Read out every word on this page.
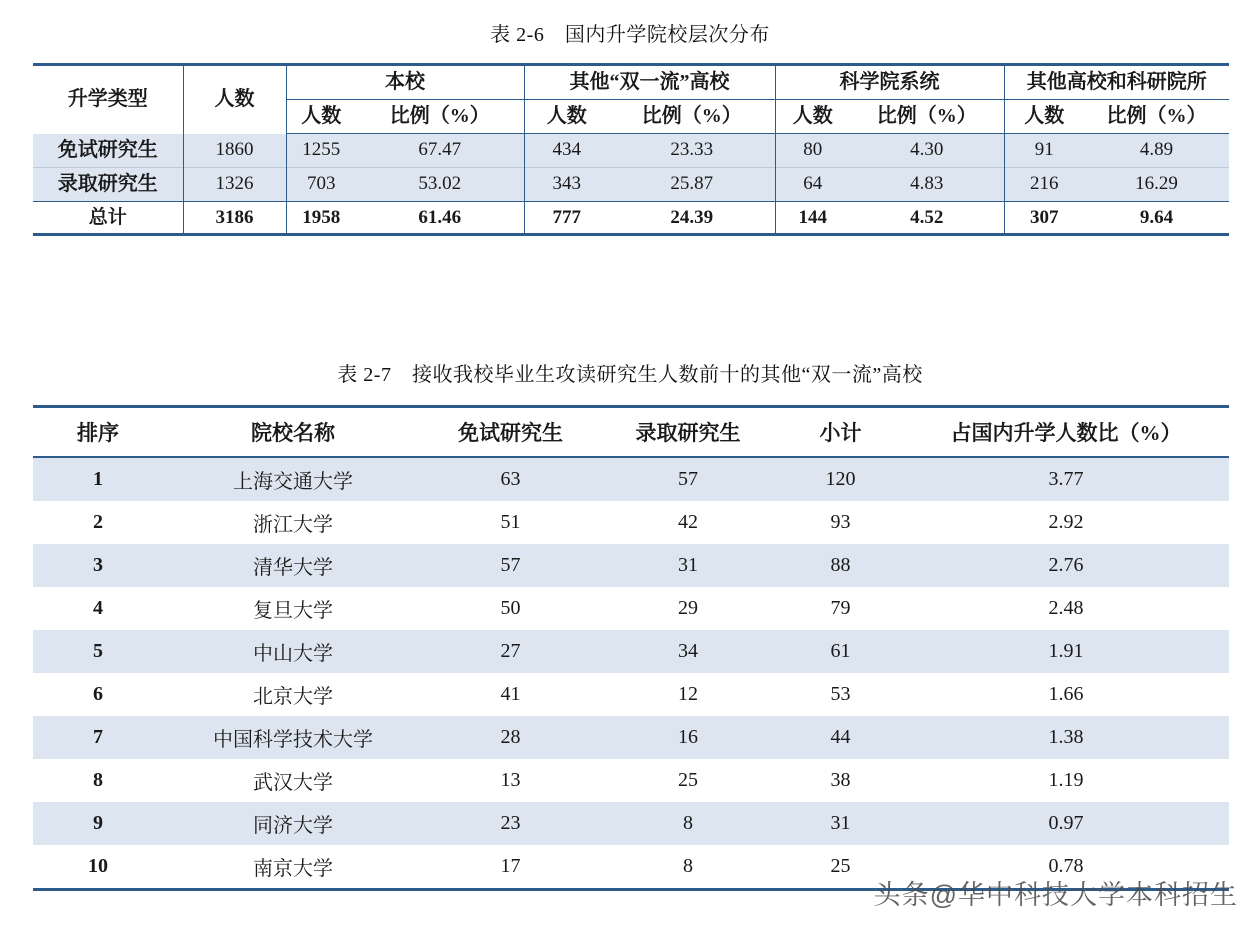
表 2-6　国内升学院校层次分布
升学类型	人数	本校		其他“双一流”高校		科学院系统		其他高校和科研院所	
		人数	比例（%）	人数	比例（%）	人数	比例（%）	人数	比例（%）
免试研究生	1860	1255	67.47	434	23.33	80	4.30	91	4.89
录取研究生	1326	703	53.02	343	25.87	64	4.83	216	16.29
总计	3186	1958	61.46	777	24.39	144	4.52	307	9.64
表 2-7　接收我校毕业生攻读研究生人数前十的其他“双一流”高校
排序	院校名称	免试研究生	录取研究生	小计	占国内升学人数比（%）
1	上海交通大学	63	57	120	3.77
2	浙江大学	51	42	93	2.92
3	清华大学	57	31	88	2.76
4	复旦大学	50	29	79	2.48
5	中山大学	27	34	61	1.91
6	北京大学	41	12	53	1.66
7	中国科学技术大学	28	16	44	1.38
8	武汉大学	13	25	38	1.19
9	同济大学	23	8	31	0.97
10	南京大学	17	8	25	0.78
头条@华中科技大学本科招生
